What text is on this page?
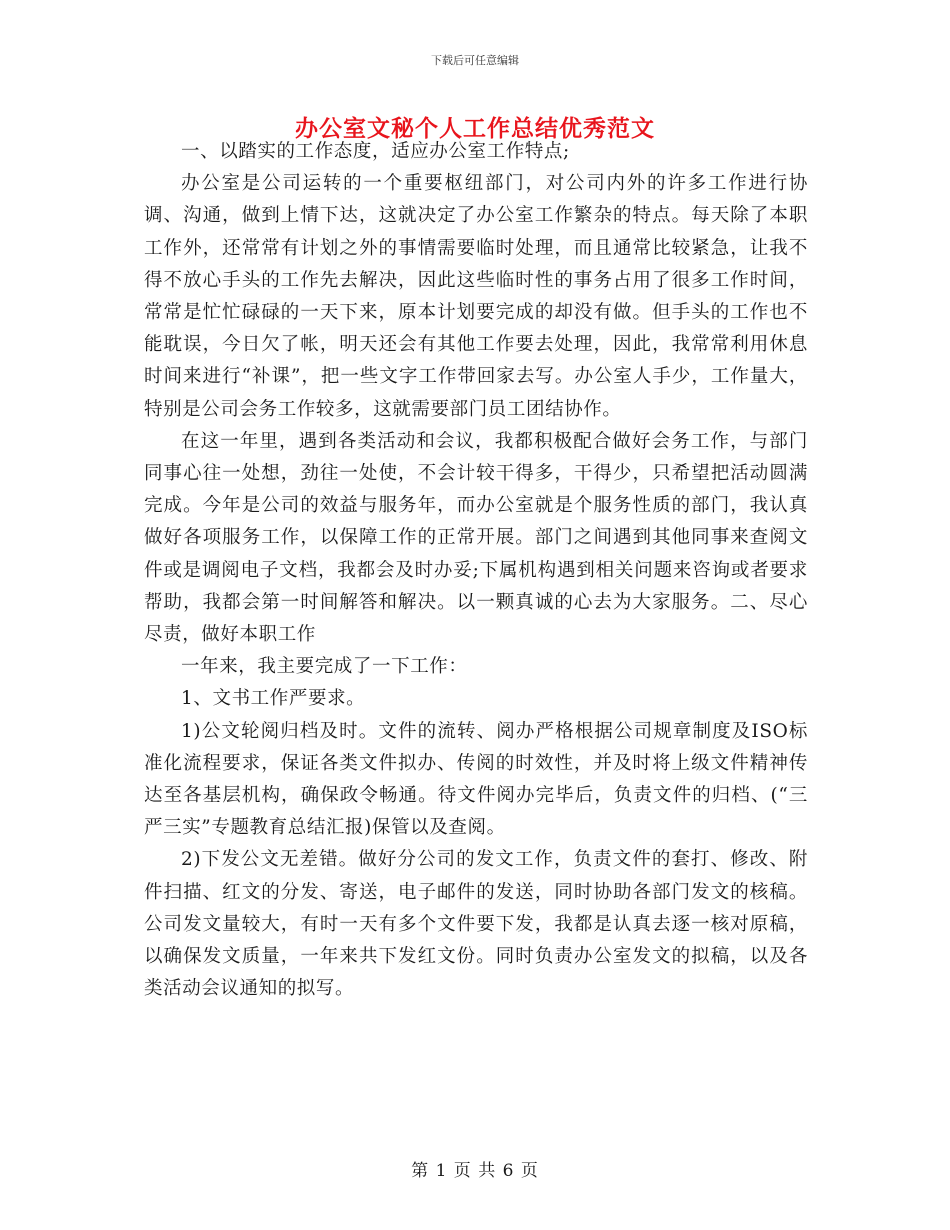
下载后可任意编辑
办公室文秘个人工作总结优秀范文

一、以踏实的工作态度，适应办公室工作特点;

办公室是公司运转的一个重要枢纽部门，对公司内外的许多工作进行协调、沟通，做到上情下达，这就决定了办公室工作繁杂的特点。每天除了本职工作外，还常常有计划之外的事情需要临时处理，而且通常比较紧急，让我不得不放心手头的工作先去解决，因此这些临时性的事务占用了很多工作时间，常常是忙忙碌碌的一天下来，原本计划要完成的却没有做。但手头的工作也不能耽误，今日欠了帐，明天还会有其他工作要去处理，因此，我常常利用休息时间来进行“补课”，把一些文字工作带回家去写。办公室人手少，工作量大，特别是公司会务工作较多，这就需要部门员工团结协作。

在这一年里，遇到各类活动和会议，我都积极配合做好会务工作，与部门同事心往一处想，劲往一处使，不会计较干得多，干得少，只希望把活动圆满完成。今年是公司的效益与服务年，而办公室就是个服务性质的部门，我认真做好各项服务工作，以保障工作的正常开展。部门之间遇到其他同事来查阅文件或是调阅电子文档，我都会及时办妥;下属机构遇到相关问题来咨询或者要求帮助，我都会第一时间解答和解决。以一颗真诚的心去为大家服务。二、尽心尽责，做好本职工作

一年来，我主要完成了一下工作：

1、文书工作严要求。

1)公文轮阅归档及时。文件的流转、阅办严格根据公司规章制度及ISO标准化流程要求，保证各类文件拟办、传阅的时效性，并及时将上级文件精神传达至各基层机构，确保政令畅通。待文件阅办完毕后，负责文件的归档、(“三严三实”专题教育总结汇报)保管以及查阅。

2)下发公文无差错。做好分公司的发文工作，负责文件的套打、修改、附件扫描、红文的分发、寄送，电子邮件的发送，同时协助各部门发文的核稿。公司发文量较大，有时一天有多个文件要下发，我都是认真去逐一核对原稿，以确保发文质量，一年来共下发红文份。同时负责办公室发文的拟稿，以及各类活动会议通知的拟写。

第 1 页 共 6 页
